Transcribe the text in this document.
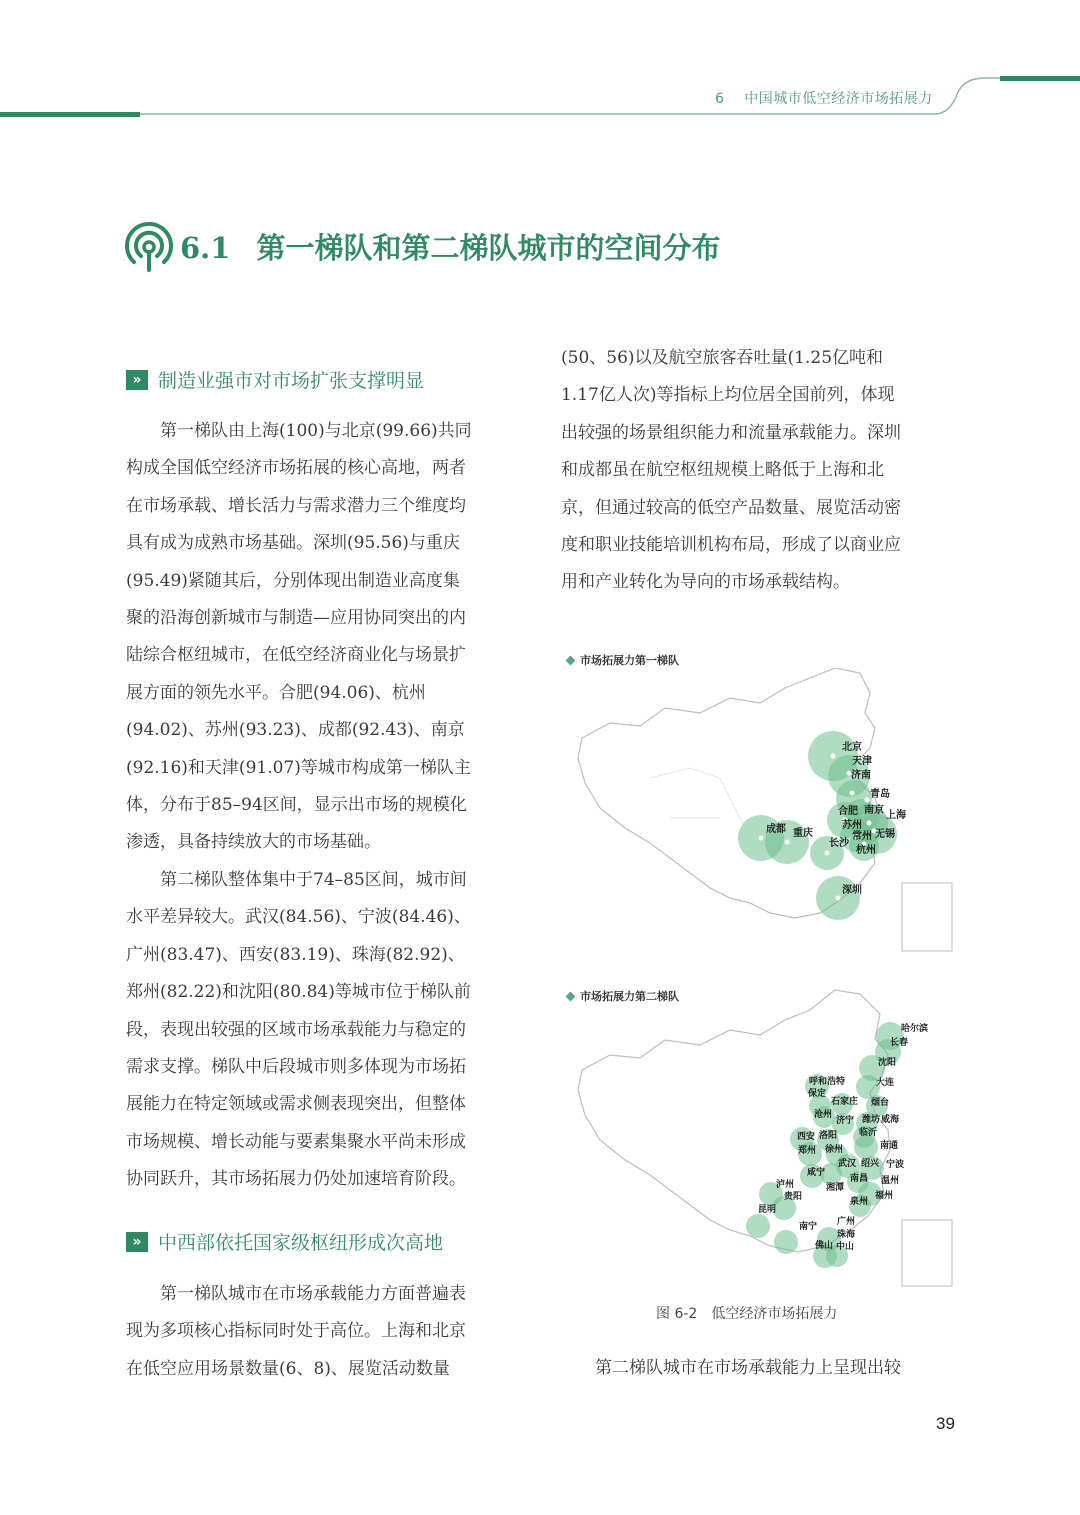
6 中国城市低空经济市场拓展力
6.1 第一梯队和第二梯队城市的空间分布
» 制造业强市对市场扩张支撑明显
第一梯队由上海(100)与北京(99.66)共同
构成全国低空经济市场拓展的核心高地，两者
在市场承载、增长活力与需求潜力三个维度均
具有成为成熟市场基础。深圳(95.56)与重庆
(95.49)紧随其后，分别体现出制造业高度集
聚的沿海创新城市与制造—应用协同突出的内
陆综合枢纽城市，在低空经济商业化与场景扩
展方面的领先水平。合肥(94.06)、杭州
(94.02)、苏州(93.23)、成都(92.43)、南京
(92.16)和天津(91.07)等城市构成第一梯队主
体，分布于85–94区间，显示出市场的规模化
渗透，具备持续放大的市场基础。
第二梯队整体集中于74–85区间，城市间
水平差异较大。武汉(84.56)、宁波(84.46)、
广州(83.47)、西安(83.19)、珠海(82.92)、
郑州(82.22)和沈阳(80.84)等城市位于梯队前
段，表现出较强的区域市场承载能力与稳定的
需求支撑。梯队中后段城市则多体现为市场拓
展能力在特定领域或需求侧表现突出，但整体
市场规模、增长动能与要素集聚水平尚未形成
协同跃升，其市场拓展力仍处加速培育阶段。
» 中西部依托国家级枢纽形成次高地
第一梯队城市在市场承载能力方面普遍表
现为多项核心指标同时处于高位。上海和北京
在低空应用场景数量(6、8)、展览活动数量
(50、56)以及航空旅客吞吐量(1.25亿吨和
1.17亿人次)等指标上均位居全国前列，体现
出较强的场景组织能力和流量承载能力。深圳
和成都虽在航空枢纽规模上略低于上海和北
京，但通过较高的低空产品数量、展览活动密
度和职业技能培训机构布局，形成了以商业应
用和产业转化为导向的市场承载结构。
市场拓展力第一梯队
北京
天津
济南
青岛
合肥 南京 上海
苏州
常州 无锡
杭州
成都 重庆
长沙
深圳
市场拓展力第二梯队
哈尔滨
长春
沈阳
大连
呼和浩特
保定
石家庄 烟台
沧州
济宁 潍坊 威海
临沂
西安 洛阳
郑州 徐州	南通
武汉 绍兴 宁波
咸宁
南昌 温州
湘潭
泉州
福州
泸州
贵阳
昆明
南宁 广州
珠海
佛山 中山
图 6-2　低空经济市场拓展力
第二梯队城市在市场承载能力上呈现出较
39
